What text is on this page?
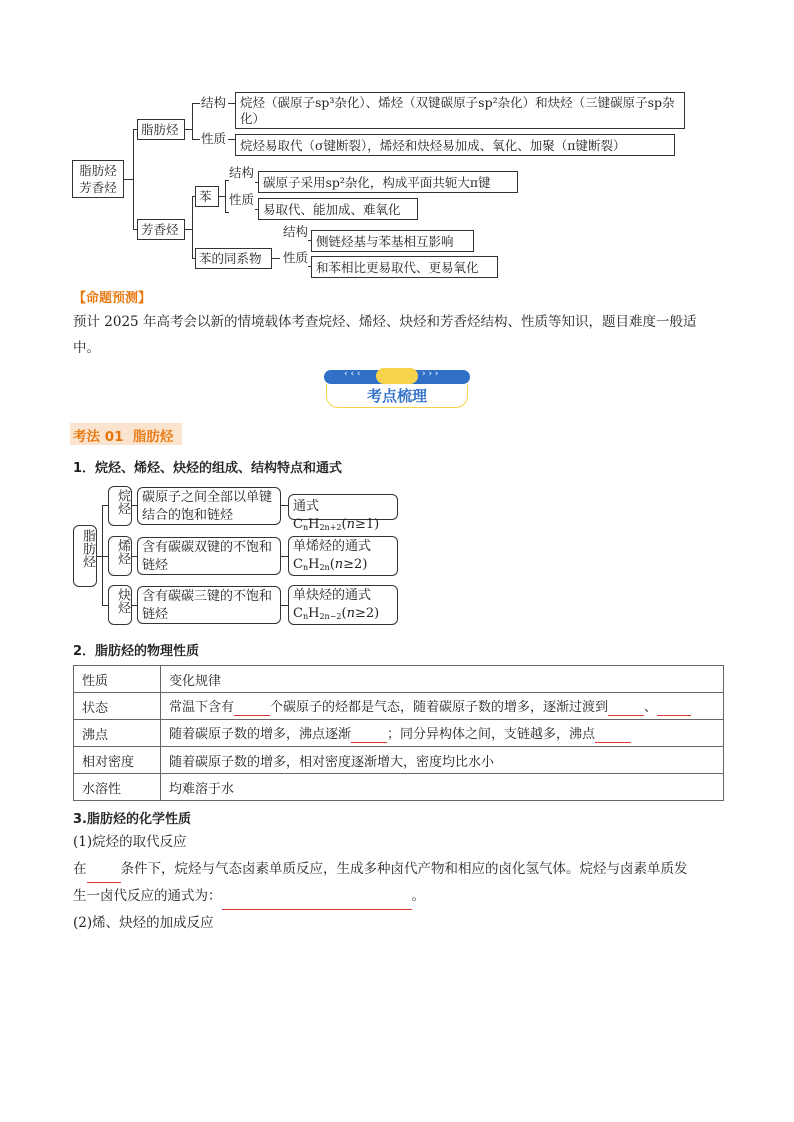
脂肪烃
芳香烃
脂肪烃
结构
性质
烷烃（碳原子sp³杂化）、烯烃（双键碳原子sp²杂化）和炔烃（三键碳原子sp杂化）
烷烃易取代（σ键断裂），烯烃和炔烃易加成、氧化、加聚（π键断裂）
芳香烃
苯
结构
性质
碳原子采用sp²杂化，构成平面共轭大π键
易取代、能加成、难氧化
苯的同系物
结构
性质
侧链烃基与苯基相互影响
和苯相比更易取代、更易氧化
【命题预测】
预计 2025 年高考会以新的情境载体考查烷烃、烯烃、炔烃和芳香烃结构、性质等知识，题目难度一般适中。
‹ ‹ ‹	› › ›
考点梳理
考法 01  脂肪烃
1．烷烃、烯烃、炔烃的组成、结构特点和通式
脂肪烃
烷烃 碳原子之间全部以单键结合的饱和链烃
通式 $C_nH_{2n+2}(n\ge 1)$
烯烃 含有碳碳双键的不饱和链烃
单烯烃的通式
$C_nH_{2n}(n\ge 2)$
炔烃 含有碳碳三键的不饱和链烃
单炔烃的通式
$C_nH_{2n-2}(n\ge 2)$
2．脂肪烃的物理性质
性质	变化规律
状态	常温下含有 个碳原子的烃都是气态，随着碳原子数的增多，逐渐过渡到 、
沸点	随着碳原子数的增多，沸点逐渐 ；同分异构体之间，支链越多，沸点
相对密度	随着碳原子数的增多，相对密度逐渐增大，密度均比水小
水溶性	均难溶于水
3.脂肪烃的化学性质
(1)烷烃的取代反应
在	条件下，烷烃与气态卤素单质反应，生成多种卤代产物和相应的卤化氢气体。烷烃与卤素单质发
生一卤代反应的通式为：	。
(2)烯、炔烃的加成反应
